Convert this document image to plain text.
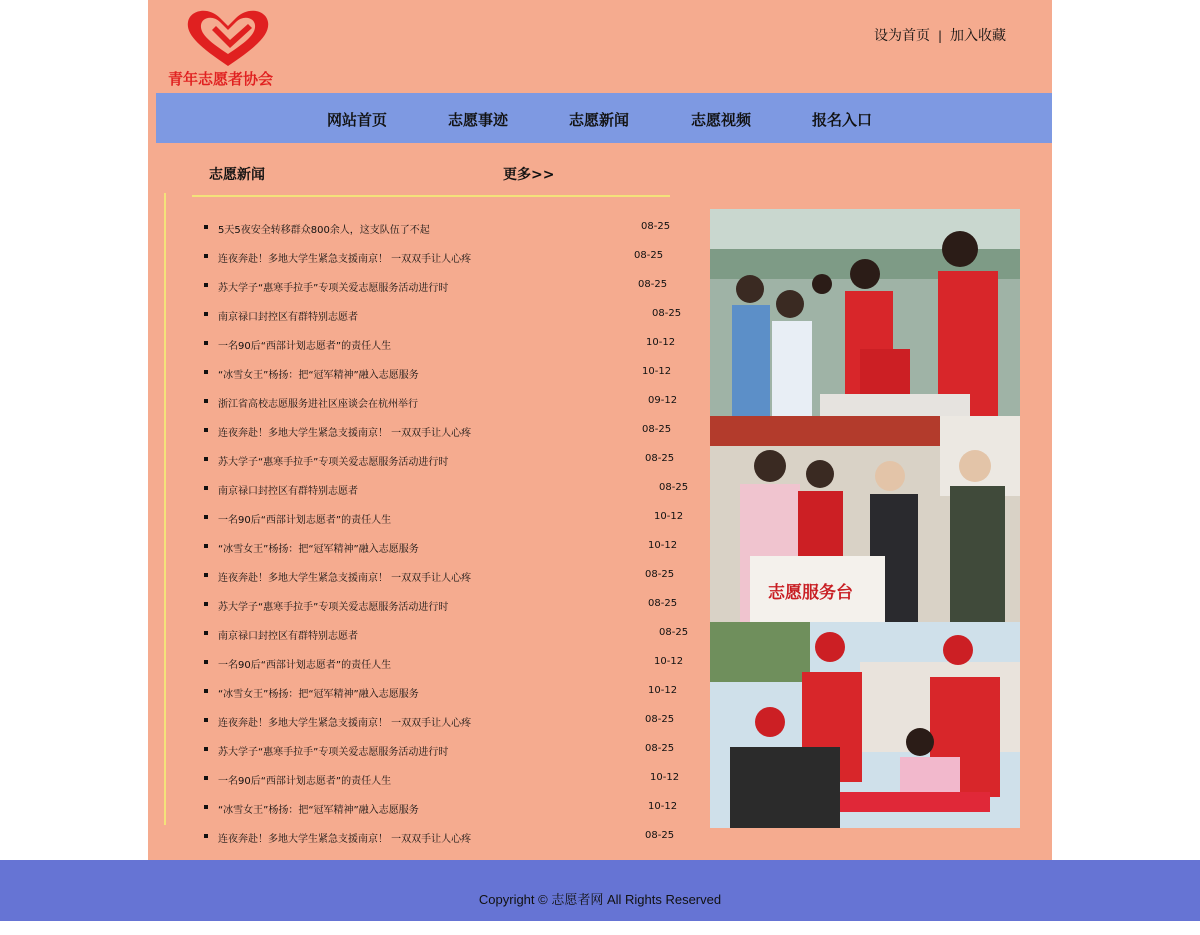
青年志愿者协会
设为首页 | 加入收藏
网站首页	志愿事迹	志愿新闻	志愿视频	报名入口
志愿新闻	更多>>
5天5夜安全转移群众800余人，这支队伍了不起	08-25
连夜奔赴！多地大学生紧急支援南京！ 一双双手让人心疼	08-25
苏大学子“惠寒手拉手”专项关爱志愿服务活动进行时	08-25
南京禄口封控区有群特别志愿者	08-25
一名90后“西部计划志愿者”的责任人生	10-12
“冰雪女王”杨扬：把“冠军精神”融入志愿服务	10-12
浙江省高校志愿服务进社区座谈会在杭州举行	09-12
连夜奔赴！多地大学生紧急支援南京！ 一双双手让人心疼	08-25
苏大学子“惠寒手拉手”专项关爱志愿服务活动进行时	08-25
南京禄口封控区有群特别志愿者	08-25
一名90后“西部计划志愿者”的责任人生	10-12
“冰雪女王”杨扬：把“冠军精神”融入志愿服务	10-12
连夜奔赴！多地大学生紧急支援南京！ 一双双手让人心疼	08-25
苏大学子“惠寒手拉手”专项关爱志愿服务活动进行时	08-25
南京禄口封控区有群特别志愿者	08-25
一名90后“西部计划志愿者”的责任人生	10-12
“冰雪女王”杨扬：把“冠军精神”融入志愿服务	10-12
连夜奔赴！多地大学生紧急支援南京！ 一双双手让人心疼	08-25
苏大学子“惠寒手拉手”专项关爱志愿服务活动进行时	08-25
一名90后“西部计划志愿者”的责任人生	10-12
“冰雪女王”杨扬：把“冠军精神”融入志愿服务	10-12
连夜奔赴！多地大学生紧急支援南京！ 一双双手让人心疼	08-25
志愿服务台
Copyright © 志愿者网 All Rights Reserved
